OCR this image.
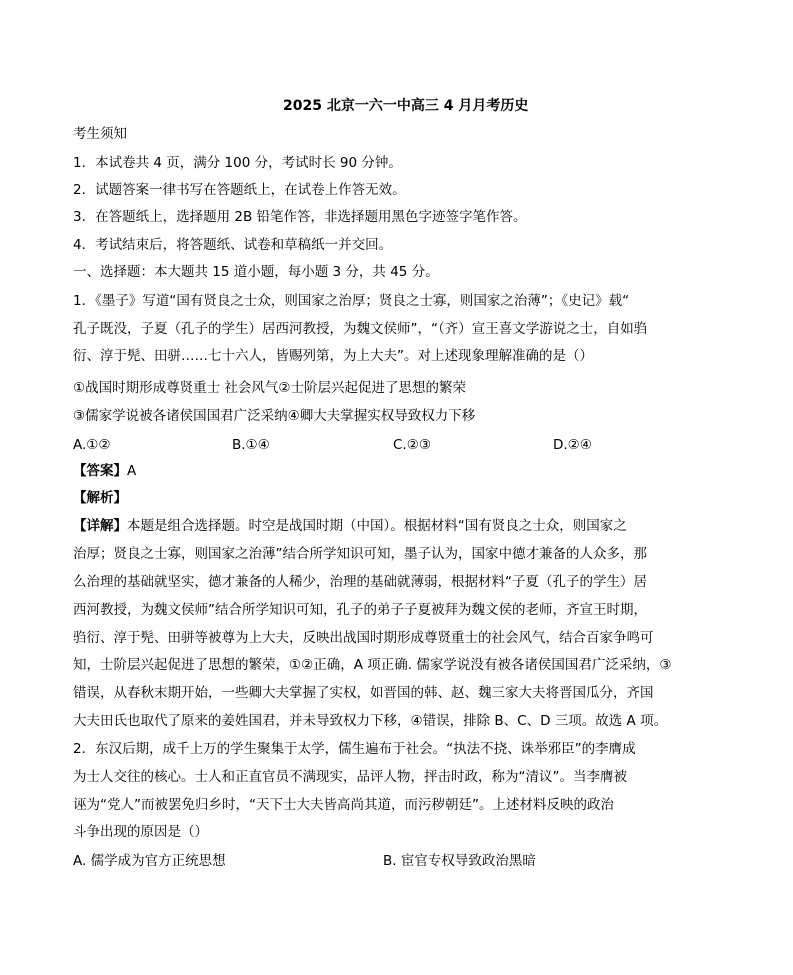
2025 北京一六一中高三 4 月月考历史
考生须知
1．本试卷共 4 页，满分 100 分，考试时长 90 分钟。
2．试题答案一律书写在答题纸上，在试卷上作答无效。
3．在答题纸上，选择题用 2B 铅笔作答，非选择题用黑色字迹签字笔作答。
4．考试结束后，将答题纸、试卷和草稿纸一并交回。
一、选择题：本大题共 15 道小题，每小题 3 分，共 45 分。
1．《墨子》写道“国有贤良之士众，则国家之治厚；贤良之士寡，则国家之治薄”；《史记》载“
孔子既没，子夏（孔子的学生）居西河教授，为魏文侯师”，“（齐）宣王喜文学游说之士，自如驺
衍、淳于髡、田骈……七十六人，皆赐列第，为上大夫”。对上述现象理解准确的是（）
①战国时期形成尊贤重士 社会风气②士阶层兴起促进了思想的繁荣
③儒家学说被各诸侯国国君广泛采纳④卿大夫掌握实权导致权力下移
A.①②	B.①④	C.②③	D.②④
【答案】A
【解析】
【详解】本题是组合选择题。时空是战国时期（中国）。根据材料“国有贤良之士众，则国家之
治厚；贤良之士寡，则国家之治薄”结合所学知识可知，墨子认为，国家中德才兼备的人众多，那
么治理的基础就坚实，德才兼备的人稀少，治理的基础就薄弱，根据材料“子夏（孔子的学生）居
西河教授，为魏文侯师”结合所学知识可知，孔子的弟子子夏被拜为魏文侯的老师，齐宣王时期，
驺衍、淳于髡、田骈等被尊为上大夫，反映出战国时期形成尊贤重士的社会风气，结合百家争鸣可
知，士阶层兴起促进了思想的繁荣，①②正确，A 项正确. 儒家学说没有被各诸侯国国君广泛采纳，③
错误，从春秋末期开始，一些卿大夫掌握了实权，如晋国的韩、赵、魏三家大夫将晋国瓜分，齐国
大夫田氏也取代了原来的姜姓国君，并未导致权力下移，④错误，排除 B、C、D 三项。故选 A 项。
2．东汉后期，成千上万的学生聚集于太学，儒生遍布于社会。“执法不挠、诛举邪臣”的李膺成
为士人交往的核心。士人和正直官员不满现实，品评人物，抨击时政，称为“清议”。当李膺被
诬为“党人”而被罢免归乡时，“天下士大夫皆高尚其道，而污秽朝廷”。上述材料反映的政治
斗争出现的原因是（）
A. 儒学成为官方正统思想	B. 宦官专权导致政治黑暗
